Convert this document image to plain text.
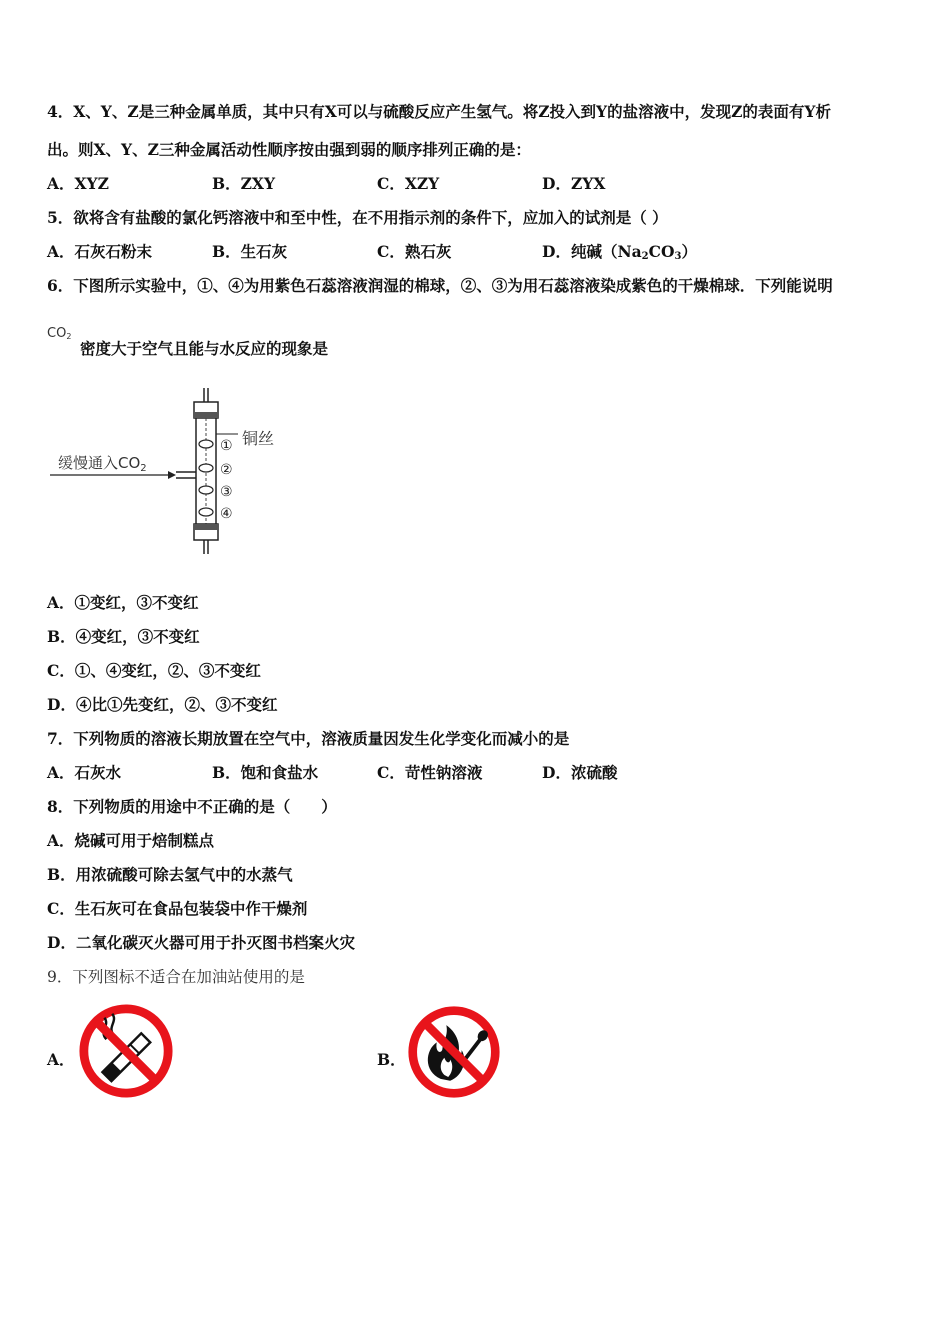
4．X、Y、Z是三种金属单质，其中只有X可以与硫酸反应产生氢气。将Z投入到Y的盐溶液中，发现Z的表面有Y析
出。则X、Y、Z三种金属活动性顺序按由强到弱的顺序排列正确的是：
A．XYZ	B．ZXY	C．XZY	D．ZYX
5．欲将含有盐酸的氯化钙溶液中和至中性，在不用指示剂的条件下，应加入的试剂是（ ）
A．石灰石粉末	B．生石灰	C．熟石灰	D．纯碱$(Na_2CO_3)$
6．下图所示实验中，①、④为用紫色石蕊溶液润湿的棉球，②、③为用石蕊溶液染成紫色的干燥棉球．下列能说明
$CO_2$
密度大于空气且能与水反应的现象是
缓慢通入$CO_2$
铜丝
①
②
③
④
A．①变红，③不变红
B．④变红，③不变红
C．①、④变红，②、③不变红
D．④比①先变红，②、③不变红
7．下列物质的溶液长期放置在空气中，溶液质量因发生化学变化而减小的是
A．石灰水	B．饱和食盐水	C．苛性钠溶液	D．浓硫酸
8．下列物质的用途中不正确的是（　　）
A．烧碱可用于焙制糕点
B．用浓硫酸可除去氢气中的水蒸气
C．生石灰可在食品包装袋中作干燥剂
D．二氧化碳灭火器可用于扑灭图书档案火灾
9．下列图标不适合在加油站使用的是
A．	B．
